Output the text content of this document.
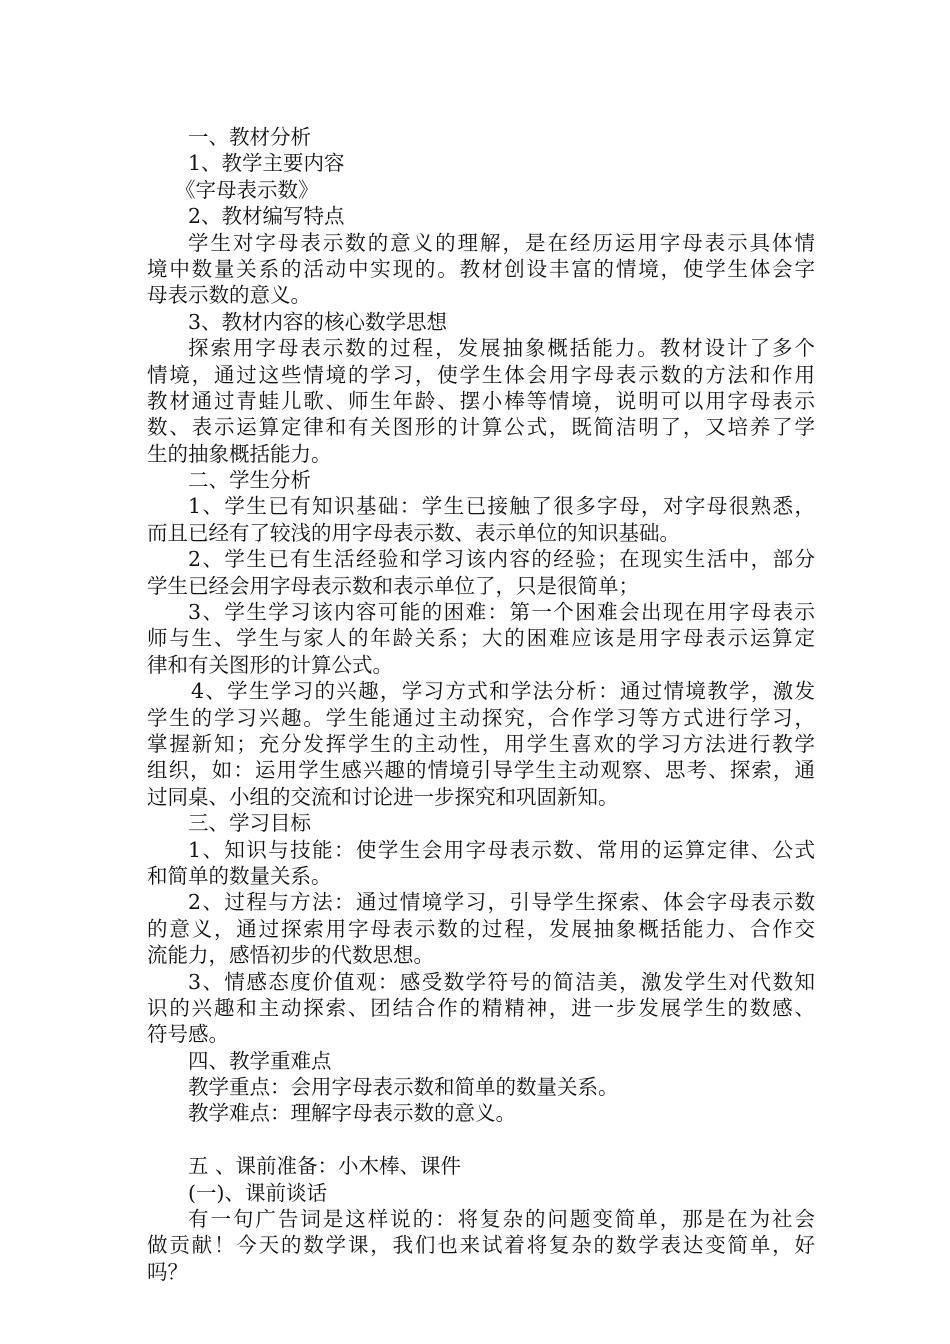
一、教材分析
1、教学主要内容
《字母表示数》
2、教材编写特点
学生对字母表示数的意义的理解，是在经历运用字母表示具体情
境中数量关系的活动中实现的。教材创设丰富的情境，使学生体会字
母表示数的意义。
3、教材内容的核心数学思想
探索用字母表示数的过程，发展抽象概括能力。教材设计了多个
情境，通过这些情境的学习，使学生体会用字母表示数的方法和作用
教材通过青蛙儿歌、师生年龄、摆小棒等情境，说明可以用字母表示
数、表示运算定律和有关图形的计算公式，既简洁明了，又培养了学
生的抽象概括能力。
二、学生分析
1、学生已有知识基础：学生已接触了很多字母，对字母很熟悉，
而且已经有了较浅的用字母表示数、表示单位的知识基础。
2、学生已有生活经验和学习该内容的经验；在现实生活中，部分
学生已经会用字母表示数和表示单位了，只是很简单；
3、学生学习该内容可能的困难：第一个困难会出现在用字母表示
师与生、学生与家人的年龄关系；大的困难应该是用字母表示运算定
律和有关图形的计算公式。
4、学生学习的兴趣，学习方式和学法分析：通过情境教学，激发
学生的学习兴趣。学生能通过主动探究，合作学习等方式进行学习，
掌握新知；充分发挥学生的主动性，用学生喜欢的学习方法进行教学
组织，如：运用学生感兴趣的情境引导学生主动观察、思考、探索，通
过同桌、小组的交流和讨论进一步探究和巩固新知。
三、学习目标
1、知识与技能：使学生会用字母表示数、常用的运算定律、公式
和简单的数量关系。
2、过程与方法：通过情境学习，引导学生探索、体会字母表示数
的意义，通过探索用字母表示数的过程，发展抽象概括能力、合作交
流能力，感悟初步的代数思想。
3、情感态度价值观：感受数学符号的简洁美，激发学生对代数知
识的兴趣和主动探索、团结合作的精精神，进一步发展学生的数感、
符号感。
四、教学重难点
教学重点：会用字母表示数和简单的数量关系。
教学难点：理解字母表示数的意义。
五 、课前准备：小木棒、课件
(一)、课前谈话
有一句广告词是这样说的：将复杂的问题变简单，那是在为社会
做贡献！今天的数学课，我们也来试着将复杂的数学表达变简单，好
吗？
